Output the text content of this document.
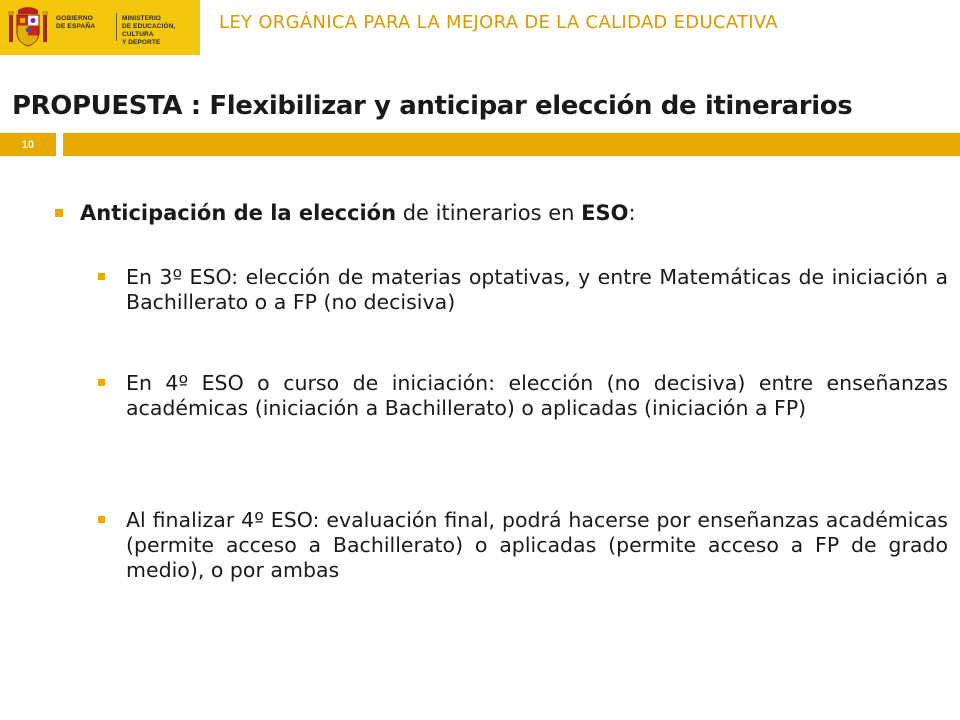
GOBIERNO
DE ESPAÑA
MINISTERIO
DE EDUCACIÓN, CULTURA
Y DEPORTE
LEY ORGÁNICA PARA LA MEJORA DE LA CALIDAD EDUCATIVA
PROPUESTA : Flexibilizar y anticipar elección de itinerarios
10
Anticipación de la elección de itinerarios en ESO:
En 3º ESO: elección de materias optativas, y entre Matemáticas de iniciación a Bachillerato o a FP (no decisiva)
En 4º ESO o curso de iniciación: elección (no decisiva) entre enseñanzas académicas (iniciación a Bachillerato) o aplicadas (iniciación a FP)
Al finalizar 4º ESO: evaluación final, podrá hacerse por enseñanzas académicas (permite acceso a Bachillerato) o aplicadas (permite acceso a FP de grado medio), o por ambas
